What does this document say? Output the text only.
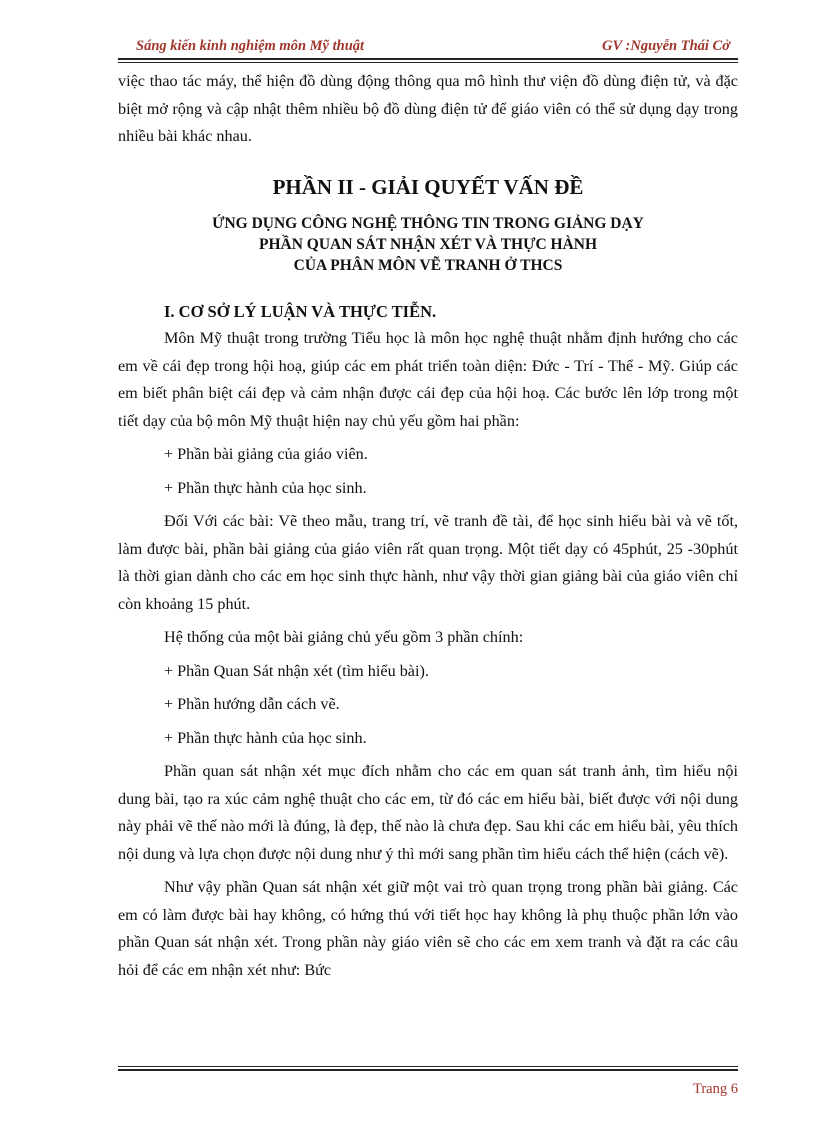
Sáng kiến kinh nghiệm môn Mỹ thuật	GV :Nguyễn Thái Cở

việc thao tác máy, thể hiện đồ dùng động thông qua mô hình thư viện đồ dùng điện tử, và đặc biệt mở rộng và cập nhật thêm nhiều bộ đồ dùng điện tử để giáo viên có thể sử dụng dạy trong nhiều bài khác nhau.

PHẦN II - GIẢI QUYẾT VẤN ĐỀ
ỨNG DỤNG CÔNG NGHỆ THÔNG TIN TRONG GIẢNG DẠY
PHẦN QUAN SÁT NHẬN XÉT VÀ THỰC HÀNH
CỦA PHÂN MÔN VẼ TRANH Ở THCS
I. CƠ SỞ LÝ LUẬN VÀ THỰC TIỄN.

Môn Mỹ thuật trong trường Tiểu học là môn học nghệ thuật nhằm định hướng cho các em về cái đẹp trong hội hoạ, giúp các em phát triển toàn diện: Đức - Trí - Thể - Mỹ. Giúp các em biết phân biệt cái đẹp và cảm nhận được cái đẹp của hội hoạ. Các bước lên lớp trong một tiết dạy của bộ môn Mỹ thuật hiện nay chủ yếu gồm hai phần:

+ Phần bài giảng của giáo viên.

+ Phần thực hành của học sinh.

Đối Với các bài: Vẽ theo mẫu, trang trí, vẽ tranh đề tài, để học sinh hiểu bài và vẽ tốt, làm được bài, phần bài giảng của giáo viên rất quan trọng. Một tiết dạy có 45phút, 25 -30phút là thời gian dành cho các em học sinh thực hành, như vậy thời gian giảng bài của giáo viên chỉ còn khoảng 15 phút.

Hệ thống của một bài giảng chủ yếu gồm 3 phần chính:

+ Phần Quan Sát nhận xét (tìm hiểu bài).

+ Phần hướng dẫn cách vẽ.

+ Phần thực hành của học sinh.

Phần quan sát nhận xét mục đích nhằm cho các em quan sát tranh ảnh, tìm hiểu nội dung bài, tạo ra xúc cảm nghệ thuật cho các em, từ đó các em hiểu bài, biết được với nội dung này phải vẽ thế nào mới là đúng, là đẹp, thế nào là chưa đẹp. Sau khi các em hiểu bài, yêu thích nội dung và lựa chọn được nội dung như ý thì mới sang phần tìm hiểu cách thể hiện (cách vẽ).

Như vậy phần Quan sát nhận xét giữ một vai trò quan trọng trong phần bài giảng. Các em có làm được bài hay không, có hứng thú với tiết học hay không là phụ thuộc phần lớn vào phần Quan sát nhận xét. Trong phần này giáo viên sẽ cho các em xem tranh và đặt ra các câu hỏi để các em nhận xét như: Bức

Trang 6
